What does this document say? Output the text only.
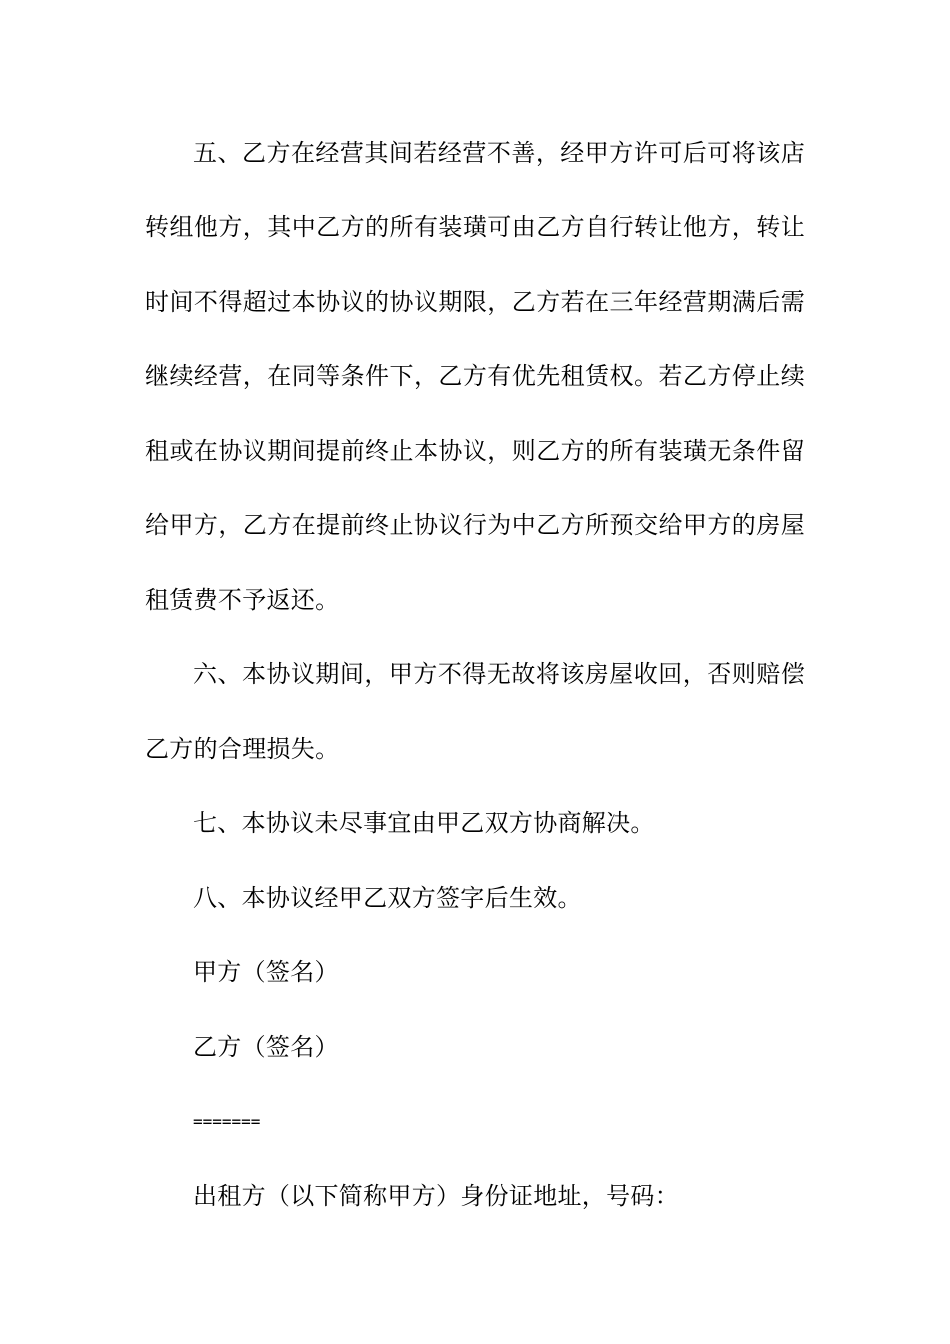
五、乙方在经营其间若经营不善，经甲方许可后可将该店
转组他方，其中乙方的所有装璜可由乙方自行转让他方，转让
时间不得超过本协议的协议期限，乙方若在三年经营期满后需
继续经营，在同等条件下，乙方有优先租赁权。若乙方停止续
租或在协议期间提前终止本协议，则乙方的所有装璜无条件留
给甲方，乙方在提前终止协议行为中乙方所预交给甲方的房屋
租赁费不予返还。
六、本协议期间，甲方不得无故将该房屋收回，否则赔偿
乙方的合理损失。
七、本协议未尽事宜由甲乙双方协商解决。
八、本协议经甲乙双方签字后生效。
甲方（签名）
乙方（签名）
=======
出租方（以下简称甲方）身份证地址，号码：
